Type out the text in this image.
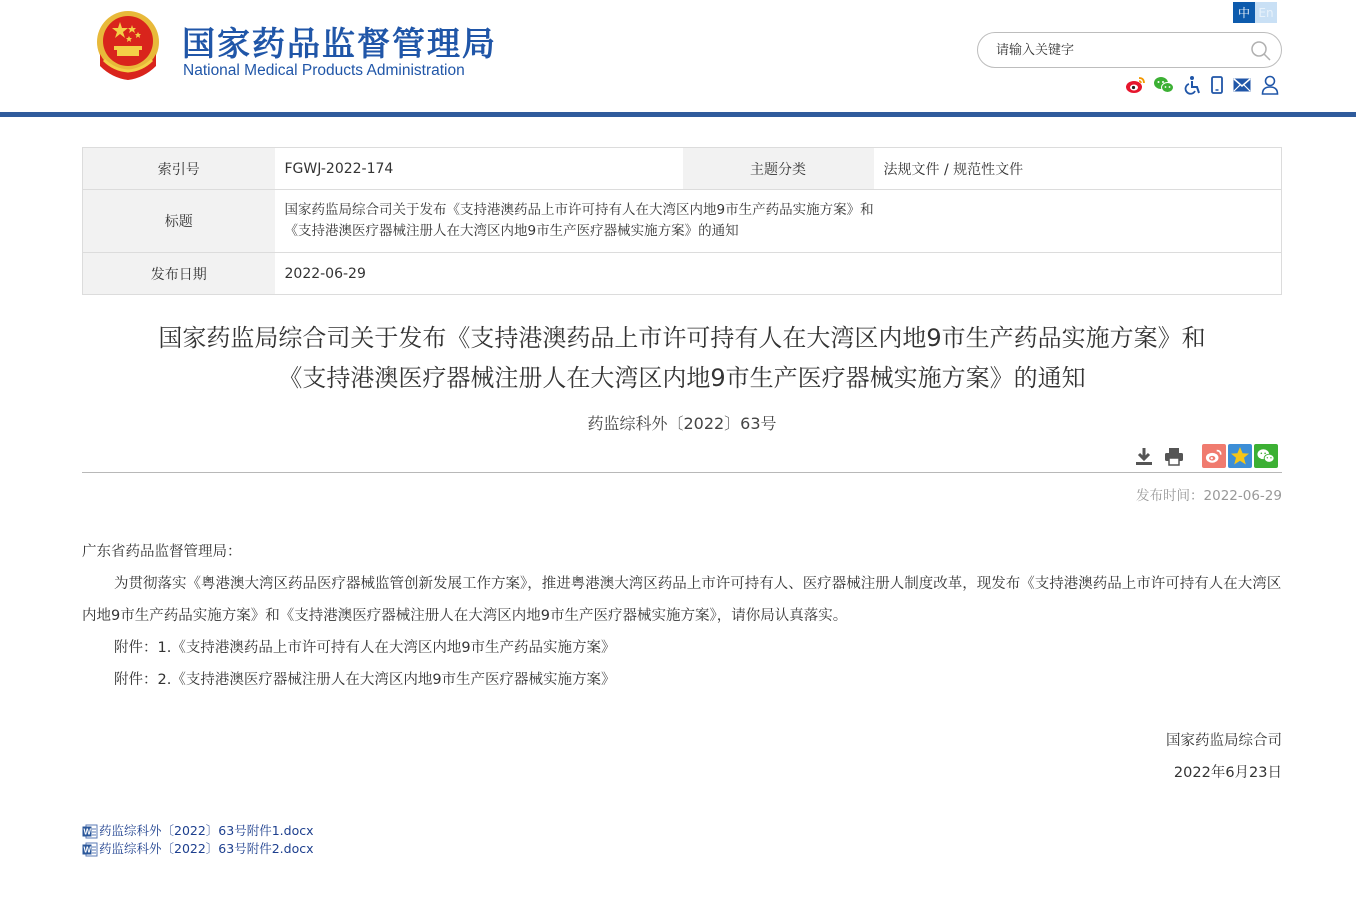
国家药品监督管理局
National Medical Products Administration
中 En
请输入关键字
索引号	FGWJ-2022-174	主题分类	法规文件 / 规范性文件
标题	国家药监局综合司关于发布《支持港澳药品上市许可持有人在大湾区内地9市生产药品实施方案》和
《支持港澳医疗器械注册人在大湾区内地9市生产医疗器械实施方案》的通知		

发布日期	2022-06-29		
国家药监局综合司关于发布《支持港澳药品上市许可持有人在大湾区内地9市生产药品实施方案》和
《支持港澳医疗器械注册人在大湾区内地9市生产医疗器械实施方案》的通知
药监综科外〔2022〕63号
发布时间：2022-06-29

广东省药品监督管理局：

为贯彻落实《粤港澳大湾区药品医疗器械监管创新发展工作方案》，推进粤港澳大湾区药品上市许可持有人、医疗器械注册人制度改革，现发布《支持港澳药品上市许可持有人在大湾区内地9市生产药品实施方案》和《支持港澳医疗器械注册人在大湾区内地9市生产医疗器械实施方案》，请你局认真落实。

附件：1.《支持港澳药品上市许可持有人在大湾区内地9市生产药品实施方案》

附件：2.《支持港澳医疗器械注册人在大湾区内地9市生产医疗器械实施方案》

国家药监局综合司
2022年6月23日
W 药监综科外〔2022〕63号附件1.docx
W 药监综科外〔2022〕63号附件2.docx
